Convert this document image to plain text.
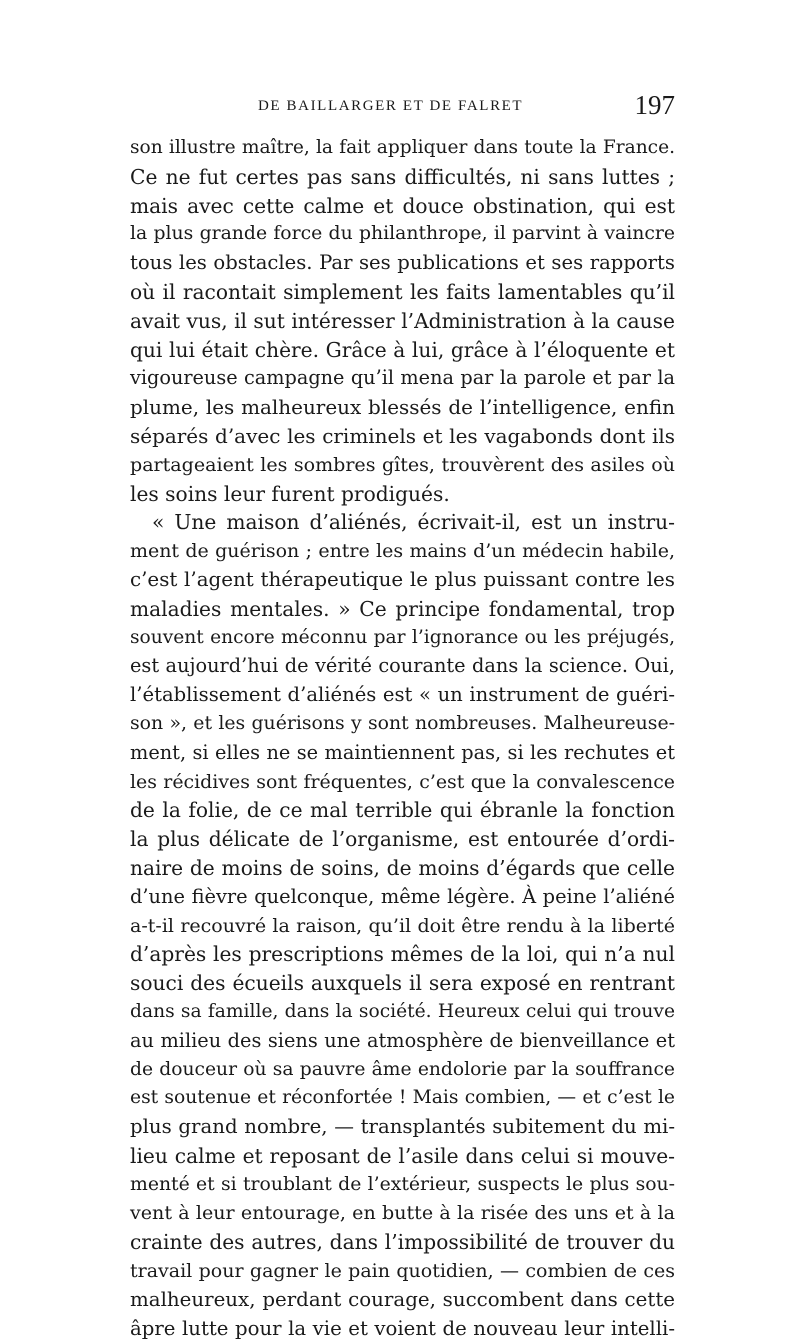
DE BAILLARGER ET DE FALRET	197
son illustre maître, la fait appliquer dans toute la France.
Ce ne fut certes pas sans difficultés, ni sans luttes ;
mais avec cette calme et douce obstination, qui est
la plus grande force du philanthrope, il parvint à vaincre
tous les obstacles. Par ses publications et ses rapports
où il racontait simplement les faits lamentables qu’il
avait vus, il sut intéresser l’Administration à la cause
qui lui était chère. Grâce à lui, grâce à l’éloquente et
vigoureuse campagne qu’il mena par la parole et par la
plume, les malheureux blessés de l’intelligence, enfin
séparés d’avec les criminels et les vagabonds dont ils
partageaient les sombres gîtes, trouvèrent des asiles où
les soins leur furent prodigués.
« Une maison d’aliénés, écrivait-il, est un instru-
ment de guérison ; entre les mains d’un médecin habile,
c’est l’agent thérapeutique le plus puissant contre les
maladies mentales. » Ce principe fondamental, trop
souvent encore méconnu par l’ignorance ou les préjugés,
est aujourd’hui de vérité courante dans la science. Oui,
l’établissement d’aliénés est « un instrument de guéri-
son », et les guérisons y sont nombreuses. Malheureuse-
ment, si elles ne se maintiennent pas, si les rechutes et
les récidives sont fréquentes, c’est que la convalescence
de la folie, de ce mal terrible qui ébranle la fonction
la plus délicate de l’organisme, est entourée d’ordi-
naire de moins de soins, de moins d’égards que celle
d’une fièvre quelconque, même légère. À peine l’aliéné
a-t-il recouvré la raison, qu’il doit être rendu à la liberté
d’après les prescriptions mêmes de la loi, qui n’a nul
souci des écueils auxquels il sera exposé en rentrant
dans sa famille, dans la société. Heureux celui qui trouve
au milieu des siens une atmosphère de bienveillance et
de douceur où sa pauvre âme endolorie par la souffrance
est soutenue et réconfortée ! Mais combien, — et c’est le
plus grand nombre, — transplantés subitement du mi-
lieu calme et reposant de l’asile dans celui si mouve-
menté et si troublant de l’extérieur, suspects le plus sou-
vent à leur entourage, en butte à la risée des uns et à la
crainte des autres, dans l’impossibilité de trouver du
travail pour gagner le pain quotidien, — combien de ces
malheureux, perdant courage, succombent dans cette
âpre lutte pour la vie et voient de nouveau leur intelli-
